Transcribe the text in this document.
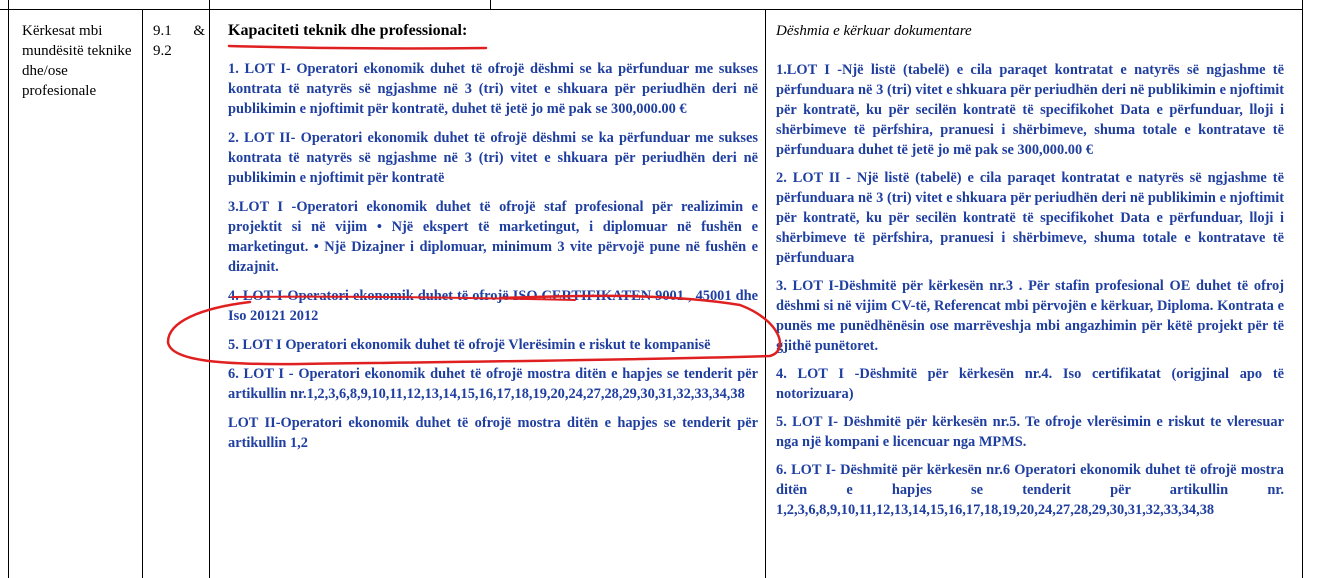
Kërkesat mbi mundësitë teknike dhe/ose profesionale
9.1 &
9.2
Kapaciteti teknik dhe professional:
1. LOT I- Operatori ekonomik duhet të ofrojë dëshmi se ka përfunduar me sukses kontrata të natyrës së ngjashme në 3 (tri) vitet e shkuara për periudhën deri në publikimin e njoftimit për kontratë, duhet të jetë jo më pak se 300,000.00 €
2. LOT II- Operatori ekonomik duhet të ofrojë dëshmi se ka përfunduar me sukses kontrata të natyrës së ngjashme në 3 (tri) vitet e shkuara për periudhën deri në publikimin e njoftimit për kontratë
3.LOT I -Operatori ekonomik duhet të ofrojë staf profesional për realizimin e projektit si në vijim • Një ekspert të marketingut, i diplomuar në fushën e marketingut. • Një Dizajner i diplomuar, minimum 3 vite përvojë pune në fushën e dizajnit.
4. LOT I-Operatori ekonomik duhet të ofrojë ISO CERTIFIKATEN 9001 , 45001 dhe Iso 20121 2012
5. LOT I Operatori ekonomik duhet të ofrojë Vlerësimin e riskut te kompanisë
6. LOT I - Operatori ekonomik duhet të ofrojë mostra ditën e hapjes se tenderit për artikullin nr.1,2,3,6,8,9,10,11,12,13,14,15,16,17,18,19,20,24,27,28,29,30,31,32,33,34,38
LOT II-Operatori ekonomik duhet të ofrojë mostra ditën e hapjes se tenderit për artikullin 1,2
Dëshmia e kërkuar dokumentare
1.LOT I -Një listë (tabelë) e cila paraqet kontratat e natyrës së ngjashme të përfunduara në 3 (tri) vitet e shkuara për periudhën deri në publikimin e njoftimit për kontratë, ku për secilën kontratë të specifikohet Data e përfunduar, lloji i shërbimeve të përfshira, pranuesi i shërbimeve, shuma totale e kontratave të përfunduara duhet të jetë jo më pak se 300,000.00 €
2. LOT II - Një listë (tabelë) e cila paraqet kontratat e natyrës së ngjashme të përfunduara në 3 (tri) vitet e shkuara për periudhën deri në publikimin e njoftimit për kontratë, ku për secilën kontratë të specifikohet Data e përfunduar, lloji i shërbimeve të përfshira, pranuesi i shërbimeve, shuma totale e kontratave të përfunduara
3. LOT I-Dëshmitë për kërkesën nr.3 . Për stafin profesional OE duhet të ofroj dëshmi si në vijim CV-të, Referencat mbi përvojën e kërkuar, Diploma. Kontrata e punës me punëdhënësin ose marrëveshja mbi angazhimin për këtë projekt për të gjithë punëtoret.
4. LOT I -Dëshmitë për kërkesën nr.4. Iso certifikatat (origjinal apo të notorizuara)
5. LOT I- Dëshmitë për kërkesën nr.5. Te ofroje vlerësimin e riskut te vleresuar nga një kompani e licencuar nga MPMS.
6. LOT I- Dëshmitë për kërkesën nr.6 Operatori ekonomik duhet të ofrojë mostra ditën e hapjes se tenderit për artikullin nr. 1,2,3,6,8,9,10,11,12,13,14,15,16,17,18,19,20,24,27,28,29,30,31,32,33,34,38
